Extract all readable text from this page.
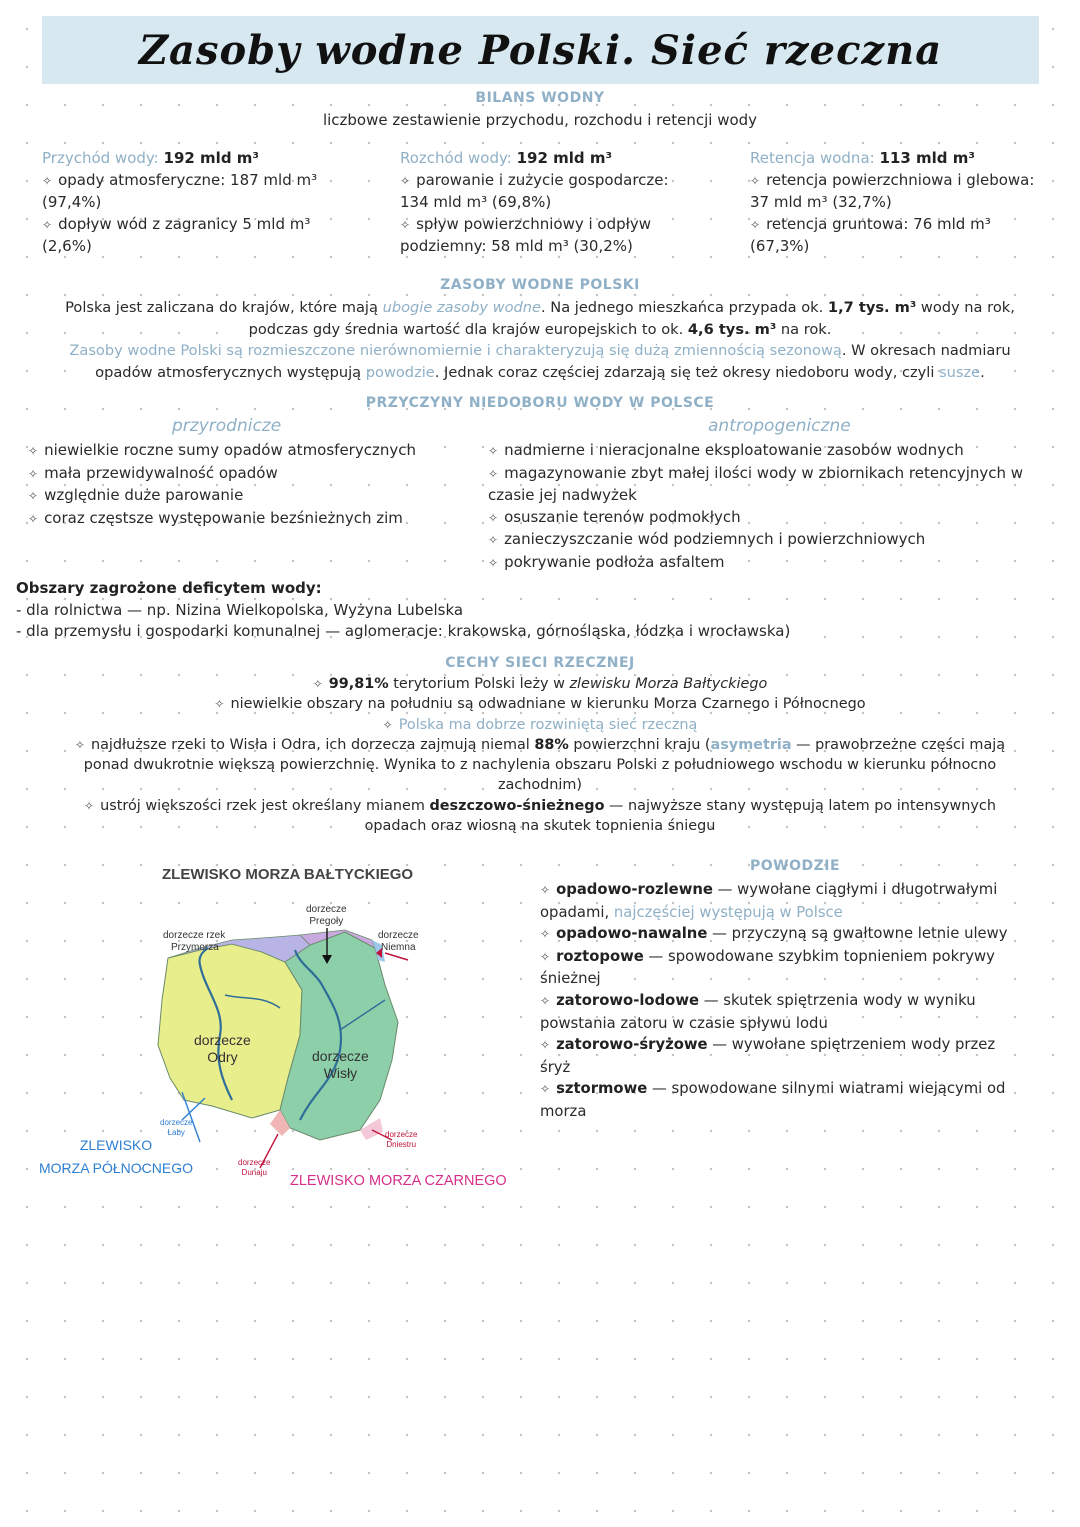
Zasoby wodne Polski. Sieć rzeczna
BILANS WODNY
liczbowe zestawienie przychodu, rozchodu i retencji wody

Przychód wody: 192 mld m³

✧ opady atmosferyczne: 187 mld m³ (97,4%)

✧ dopływ wód z zagranicy 5 mld m³ (2,6%)

Rozchód wody: 192 mld m³

✧ parowanie i zużycie gospodarcze: 134 mld m³ (69,8%)

✧ spływ powierzchniowy i odpływ podziemny: 58 mld m³ (30,2%)

Retencja wodna: 113 mld m³

✧ retencja powierzchniowa i glebowa: 37 mld m³ (32,7%)

✧ retencja gruntowa: 76 mld m³ (67,3%)

ZASOBY WODNE POLSKI

Polska jest zaliczana do krajów, które mają ubogie zasoby wodne. Na jednego mieszkańca przypada ok. 1,7 tys. m³ wody na rok,

podczas gdy średnia wartość dla krajów europejskich to ok. 4,6 tys. m³ na rok.

Zasoby wodne Polski są rozmieszczone nierównomiernie i charakteryzują się dużą zmiennością sezonową. W okresach nadmiaru

opadów atmosferycznych występują powodzie. Jednak coraz częściej zdarzają się też okresy niedoboru wody, czyli susze.

PRZYCZYNY NIEDOBORU WODY W POLSCE
przyrodnicze	antropogeniczne

✧ niewielkie roczne sumy opadów atmosferycznych

✧ mała przewidywalność opadów

✧ względnie duże parowanie

✧ coraz częstsze występowanie bezśnieżnych zim

✧ nadmierne i nieracjonalne eksploatowanie zasobów wodnych

✧ magazynowanie zbyt małej ilości wody w zbiornikach retencyjnych w czasie jej nadwyżek

✧ osuszanie terenów podmokłych

✧ zanieczyszczanie wód podziemnych i powierzchniowych

✧ pokrywanie podłoża asfaltem

Obszary zagrożone deficytem wody:

- dla rolnictwa — np. Nizina Wielkopolska, Wyżyna Lubelska

- dla przemysłu i gospodarki komunalnej — aglomeracje: krakowska, górnośląska, łódzka i wrocławska)

CECHY SIECI RZECZNEJ

✧ 99,81% terytorium Polski leży w zlewisku Morza Bałtyckiego

✧ niewielkie obszary na południu są odwadniane w kierunku Morza Czarnego i Północnego

✧ Polska ma dobrze rozwiniętą sieć rzeczną

✧ najdłuższe rzeki to Wisła i Odra, ich dorzecza zajmują niemal 88% powierzchni kraju (asymetria — prawobrzeżne części mają

ponad dwukrotnie większą powierzchnię. Wynika to z nachylenia obszaru Polski z południowego wschodu w kierunku północno

zachodnim)

✧ ustrój większości rzek jest określany mianem deszczowo-śnieżnego — najwyższe stany występują latem po intensywnych

opadach oraz wiosną na skutek topnienia śniegu

ZLEWISKO MORZA BAŁTYCKIEGO
dorzecze
Pregoły
dorzecze rzek
Przymorza
dorzecze
Niemna
dorzecze
Odry	dorzecze
Wisły
dorzecze
Łaby	dorzecze
Dniestru
dorzecze
Dunaju
ZLEWISKO
MORZA PÓŁNOCNEGO
ZLEWISKO MORZA CZARNEGO
POWODZIE

✧ opadowo-rozlewne — wywołane ciągłymi i długotrwałymi

opadami, najczęściej występują w Polsce

✧ opadowo-nawalne — przyczyną są gwałtowne letnie ulewy

✧ roztopowe — spowodowane szybkim topnieniem pokrywy

śnieżnej

✧ zatorowo-lodowe — skutek spiętrzenia wody w wyniku

powstania zatoru w czasie spływu lodu

✧ zatorowo-śryżowe — wywołane spiętrzeniem wody przez

śryż

✧ sztormowe — spowodowane silnymi wiatrami wiejącymi od

morza
